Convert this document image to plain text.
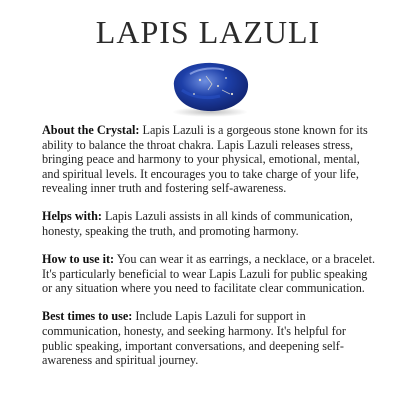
LAPIS LAZULI

About the Crystal: Lapis Lazuli is a gorgeous stone known for its ability to balance the throat chakra. Lapis Lazuli releases stress, bringing peace and harmony to your physical, emotional, mental, and spiritual levels. It encourages you to take charge of your life, revealing inner truth and fostering self-awareness.

Helps with: Lapis Lazuli assists in all kinds of communication, honesty, speaking the truth, and promoting harmony.

How to use it: You can wear it as earrings, a necklace, or a bracelet. It's particularly beneficial to wear Lapis Lazuli for public speaking or any situation where you need to facilitate clear communication.

Best times to use: Include Lapis Lazuli for support in communication, honesty, and seeking harmony. It's helpful for public speaking, important conversations, and deepening self-awareness and spiritual journey.
